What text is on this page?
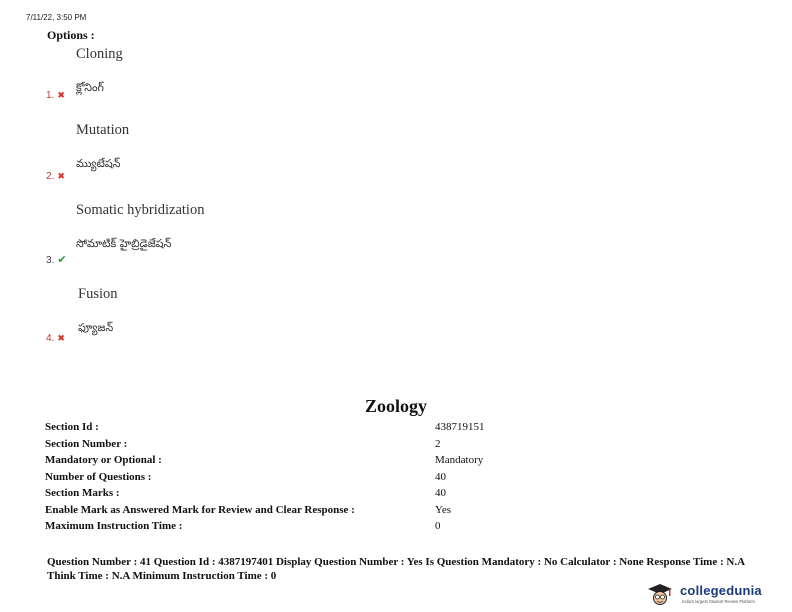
7/11/22, 3:50 PM
Options :
Cloning
క్లోనింగ్
1. ✖
Mutation
మ్యుటేషన్
2. ✖
Somatic hybridization
సోమాటిక్ హైబ్రిడైజేషన్
3. ✔
Fusion
ఫ్యూజన్
4. ✖
Zoology
Section Id :	438719151
Section Number :	2
Mandatory or Optional :	Mandatory
Number of Questions :	40
Section Marks :	40
Enable Mark as Answered Mark for Review and Clear Response :	Yes
Maximum Instruction Time :	0
Question Number : 41 Question Id : 4387197401 Display Question Number : Yes Is Question Mandatory : No Calculator : None Response Time : N.A Think Time : N.A Minimum Instruction Time : 0
collegedunia
India's largest Student Review Platform
